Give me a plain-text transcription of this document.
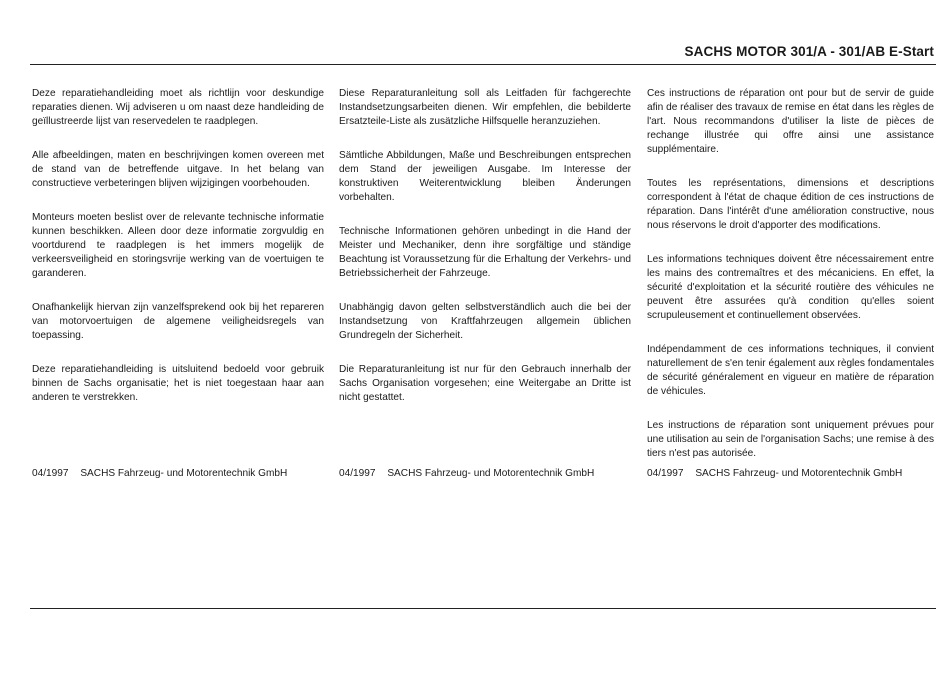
SACHS MOTOR 301/A - 301/AB E-Start

Deze reparatiehandleiding moet als richtlijn voor deskundige reparaties dienen. Wij adviseren u om naast deze handleiding de geïllustreerde lijst van reservedelen te raadplegen.

Alle afbeeldingen, maten en beschrijvingen komen overeen met de stand van de betreffende uitgave. In het belang van constructieve verbeteringen blijven wijzigingen voorbehouden.

Monteurs moeten beslist over de relevante technische informatie kunnen beschikken. Alleen door deze informatie zorgvuldig en voortdurend te raadplegen is het immers mogelijk de verkeersveiligheid en storingsvrije werking van de voertuigen te garanderen.

Onafhankelijk hiervan zijn vanzelfsprekend ook bij het repareren van motorvoertuigen de algemene veiligheidsregels van toepassing.

Deze reparatiehandleiding is uitsluitend bedoeld voor gebruik binnen de Sachs organisatie; het is niet toegestaan haar aan anderen te verstrekken.

Diese Reparaturanleitung soll als Leitfaden für fachgerechte Instandsetzungsarbeiten dienen. Wir empfehlen, die bebilderte Ersatzteile-Liste als zusätzliche Hilfsquelle heranzuziehen.

Sämtliche Abbildungen, Maße und Beschreibungen entsprechen dem Stand der jeweiligen Ausgabe. Im Interesse der konstruktiven Weiterentwicklung bleiben Änderungen vorbehalten.

Technische Informationen gehören unbedingt in die Hand der Meister und Mechaniker, denn ihre sorgfältige und ständige Beachtung ist Voraussetzung für die Erhaltung der Verkehrs- und Betriebssicherheit der Fahrzeuge.

Unabhängig davon gelten selbstverständlich auch die bei der Instandsetzung von Kraftfahrzeugen allgemein üblichen Grundregeln der Sicherheit.

Die Reparaturanleitung ist nur für den Gebrauch innerhalb der Sachs Organisation vorgesehen; eine Weitergabe an Dritte ist nicht gestattet.

Ces instructions de réparation ont pour but de servir de guide afin de réaliser des travaux de remise en état dans les règles de l'art. Nous recommandons d'utiliser la liste de pièces de rechange illustrée qui offre ainsi une assistance supplémentaire.

Toutes les représentations, dimensions et descriptions correspondent à l'état de chaque édition de ces instructions de réparation. Dans l'intérêt d'une amélioration constructive, nous nous réservons le droit d'apporter des modifications.

Les informations techniques doivent être nécessairement entre les mains des contremaîtres et des mécaniciens. En effet, la sécurité d'exploitation et la sécurité routière des véhicules ne peuvent être assurées qu'à condition qu'elles soient scrupuleusement et continuellement observées.

Indépendamment de ces informations techniques, il convient naturellement de s'en tenir également aux règles fondamentales de sécurité généralement en vigueur en matière de réparation de véhicules.

Les instructions de réparation sont uniquement prévues pour une utilisation au sein de l'organisation Sachs; une remise à des tiers n'est pas autorisée.

04/1997 SACHS Fahrzeug- und Motorentechnik GmbH	04/1997 SACHS Fahrzeug- und Motorentechnik GmbH	04/1997 SACHS Fahrzeug- und Motorentechnik GmbH
